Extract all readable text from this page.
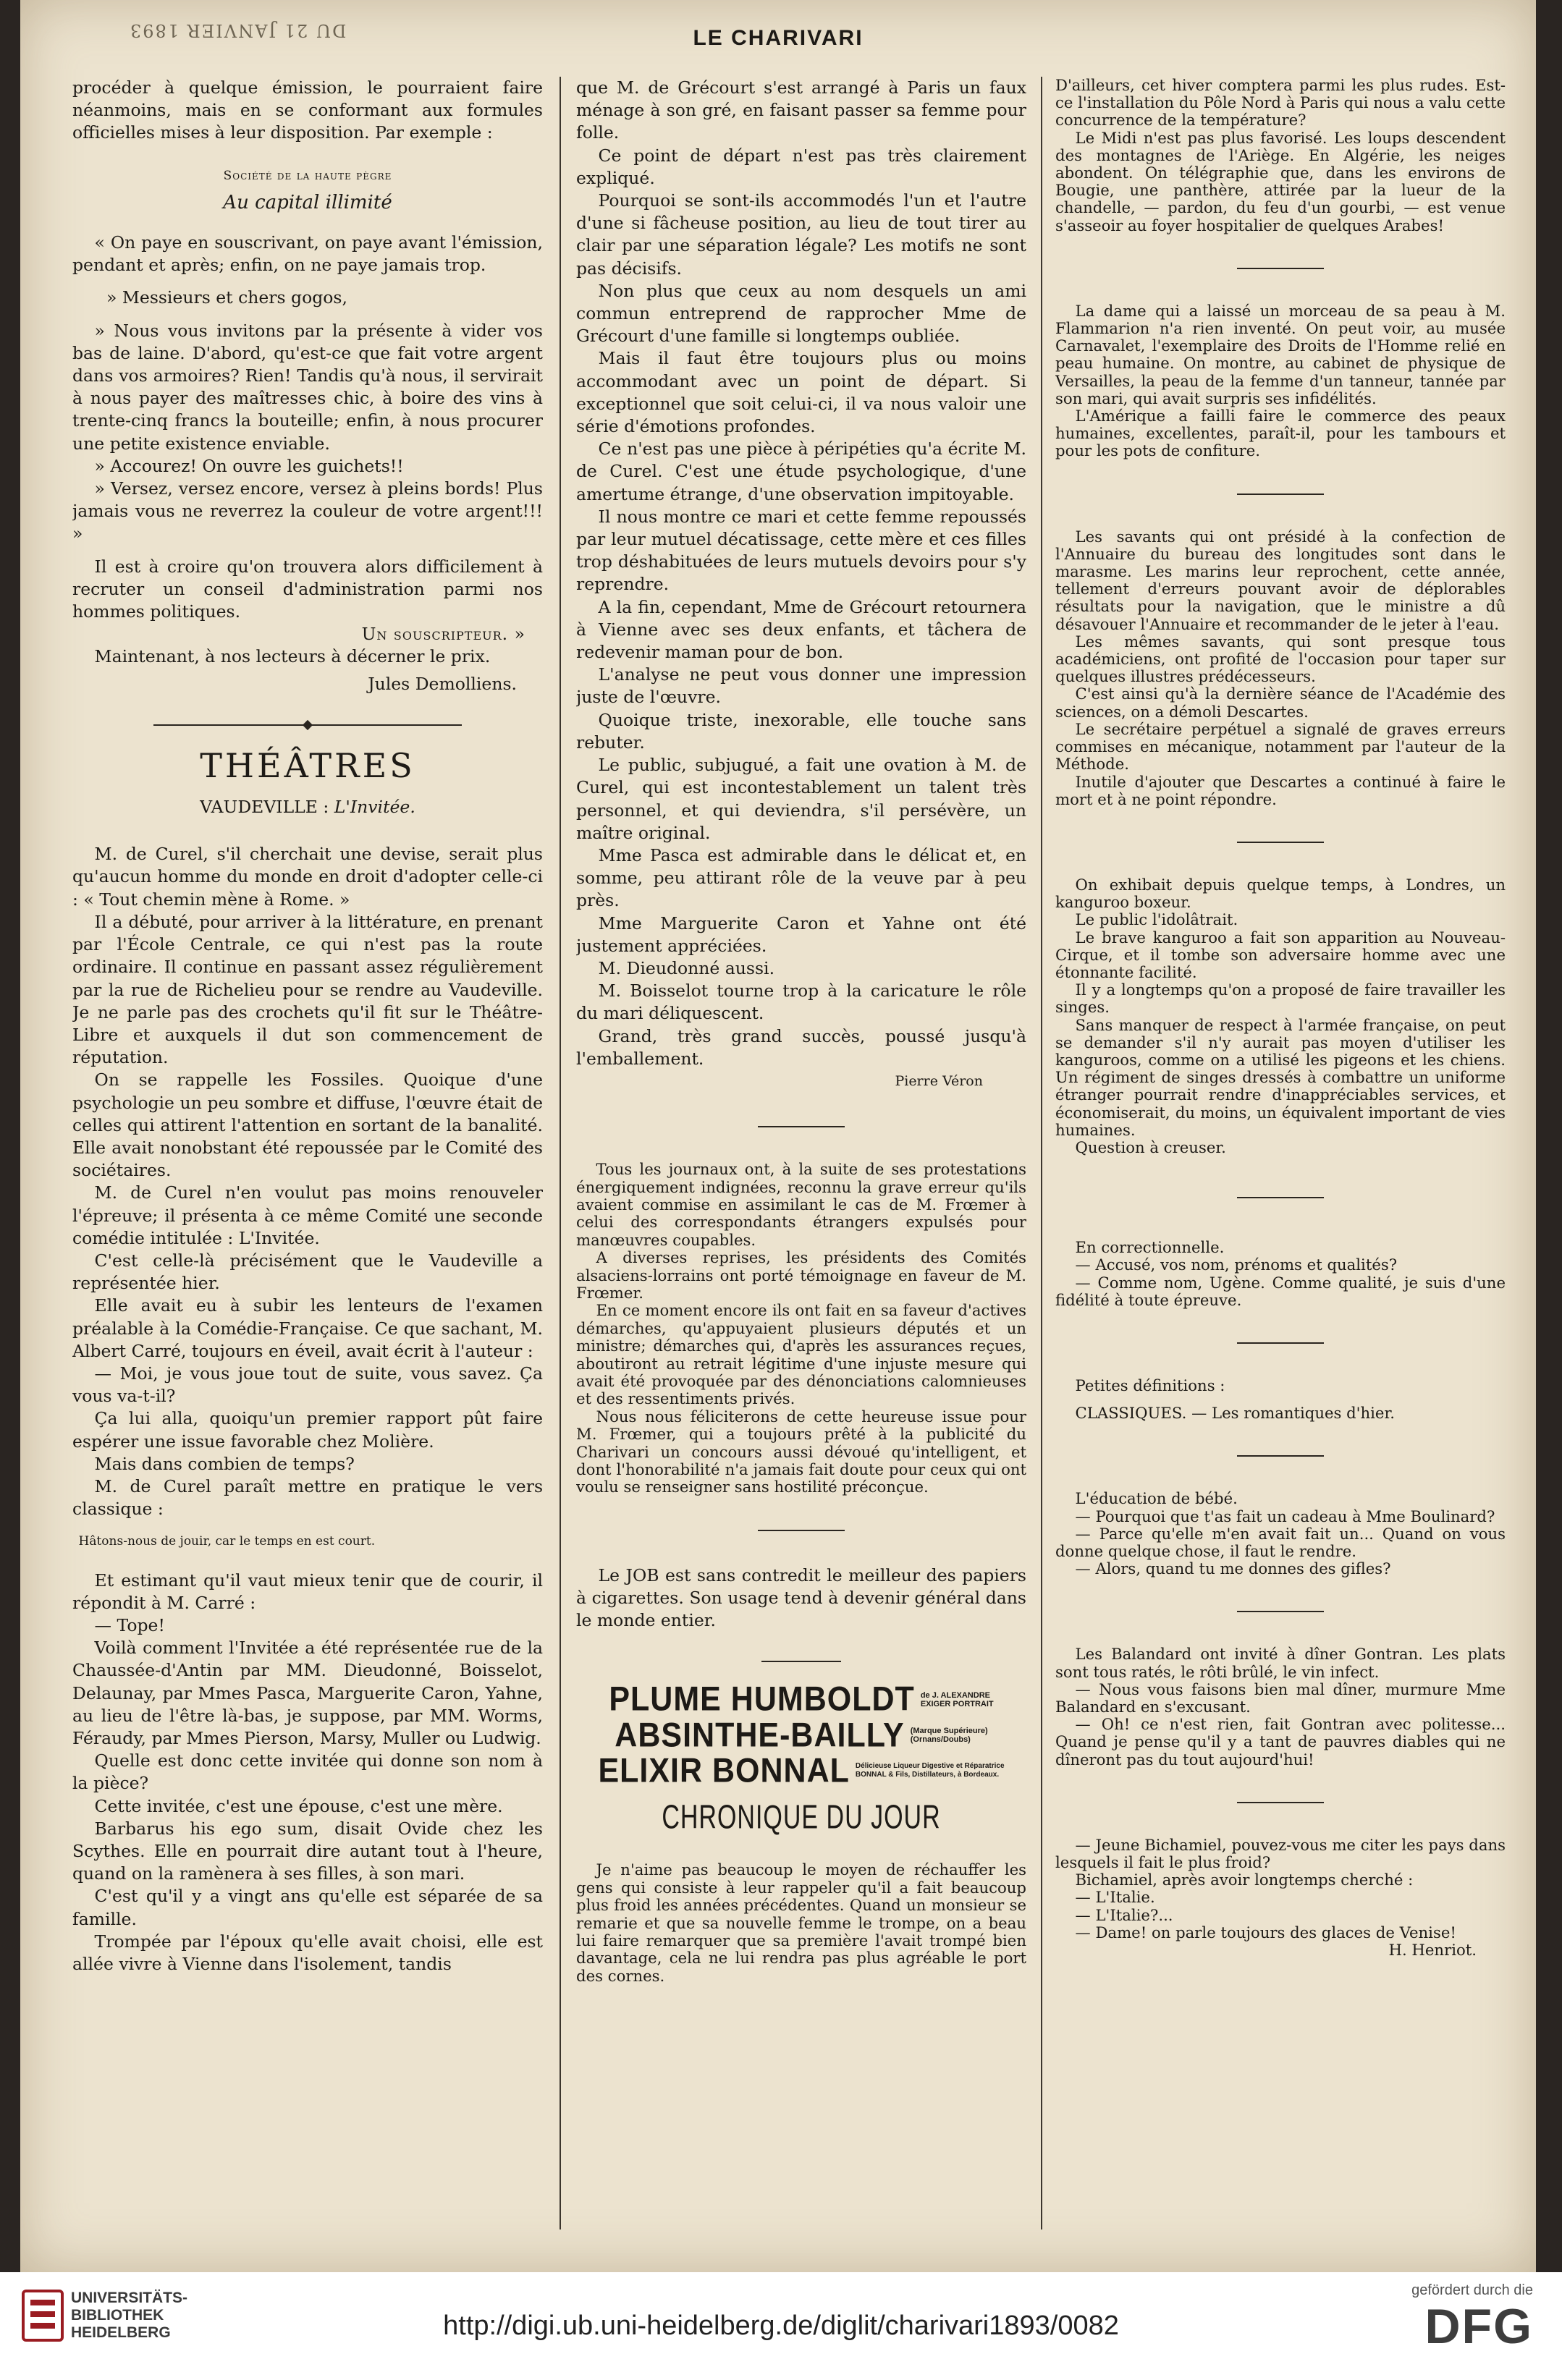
DU 21 JANVIER 1893	LE CHARIVARI

procéder à quelque émission, le pourraient faire néanmoins, mais en se conformant aux formules officielles mises à leur disposition. Par exemple :

Société de la haute pègre

Au capital illimité

« On paye en souscrivant, on paye avant l'émission, pendant et après; enfin, on ne paye jamais trop.

» Messieurs et chers gogos,

» Nous vous invitons par la présente à vider vos bas de laine. D'abord, qu'est-ce que fait votre argent dans vos armoires? Rien! Tandis qu'à nous, il servirait à nous payer des maîtresses chic, à boire des vins à trente-cinq francs la bouteille; enfin, à nous procurer une petite existence enviable.

» Accourez! On ouvre les guichets!!

» Versez, versez encore, versez à pleins bords! Plus jamais vous ne reverrez la couleur de votre argent!!! »

Il est à croire qu'on trouvera alors difficilement à recruter un conseil d'administration parmi nos hommes politiques.

Un souscripteur. »

Maintenant, à nos lecteurs à décerner le prix.

Jules Demolliens.

THÉÂTRES

VAUDEVILLE : L'Invitée.

M. de Curel, s'il cherchait une devise, serait plus qu'aucun homme du monde en droit d'adopter celle-ci : « Tout chemin mène à Rome. »

Il a débuté, pour arriver à la littérature, en prenant par l'École Centrale, ce qui n'est pas la route ordinaire. Il continue en passant assez régulièrement par la rue de Richelieu pour se rendre au Vaudeville. Je ne parle pas des crochets qu'il fit sur le Théâtre-Libre et auxquels il dut son commencement de réputation.

On se rappelle les Fossiles. Quoique d'une psychologie un peu sombre et diffuse, l'œuvre était de celles qui attirent l'attention en sortant de la banalité. Elle avait nonobstant été repoussée par le Comité des sociétaires.

M. de Curel n'en voulut pas moins renouveler l'épreuve; il présenta à ce même Comité une seconde comédie intitulée : L'Invitée.

C'est celle-là précisément que le Vaudeville a représentée hier.

Elle avait eu à subir les lenteurs de l'examen préalable à la Comédie-Française. Ce que sachant, M. Albert Carré, toujours en éveil, avait écrit à l'auteur :

— Moi, je vous joue tout de suite, vous savez. Ça vous va-t-il?

Ça lui alla, quoiqu'un premier rapport pût faire espérer une issue favorable chez Molière.

Mais dans combien de temps?

M. de Curel paraît mettre en pratique le vers classique :

Hâtons-nous de jouir, car le temps en est court.

Et estimant qu'il vaut mieux tenir que de courir, il répondit à M. Carré :

— Tope!

Voilà comment l'Invitée a été représentée rue de la Chaussée-d'Antin par MM. Dieudonné, Boisselot, Delaunay, par Mmes Pasca, Marguerite Caron, Yahne, au lieu de l'être là-bas, je suppose, par MM. Worms, Féraudy, par Mmes Pierson, Marsy, Muller ou Ludwig.

Quelle est donc cette invitée qui donne son nom à la pièce?

Cette invitée, c'est une épouse, c'est une mère.

Barbarus his ego sum, disait Ovide chez les Scythes. Elle en pourrait dire autant tout à l'heure, quand on la ramènera à ses filles, à son mari.

C'est qu'il y a vingt ans qu'elle est séparée de sa famille.

Trompée par l'époux qu'elle avait choisi, elle est allée vivre à Vienne dans l'isolement, tandis

que M. de Grécourt s'est arrangé à Paris un faux ménage à son gré, en faisant passer sa femme pour folle.

Ce point de départ n'est pas très clairement expliqué.

Pourquoi se sont-ils accommodés l'un et l'autre d'une si fâcheuse position, au lieu de tout tirer au clair par une séparation légale? Les motifs ne sont pas décisifs.

Non plus que ceux au nom desquels un ami commun entreprend de rapprocher Mme de Grécourt d'une famille si longtemps oubliée.

Mais il faut être toujours plus ou moins accommodant avec un point de départ. Si exceptionnel que soit celui-ci, il va nous valoir une série d'émotions profondes.

Ce n'est pas une pièce à péripéties qu'a écrite M. de Curel. C'est une étude psychologique, d'une amertume étrange, d'une observation impitoyable.

Il nous montre ce mari et cette femme repoussés par leur mutuel décatissage, cette mère et ces filles trop déshabituées de leurs mutuels devoirs pour s'y reprendre.

A la fin, cependant, Mme de Grécourt retournera à Vienne avec ses deux enfants, et tâchera de redevenir maman pour de bon.

L'analyse ne peut vous donner une impression juste de l'œuvre.

Quoique triste, inexorable, elle touche sans rebuter.

Le public, subjugué, a fait une ovation à M. de Curel, qui est incontestablement un talent très personnel, et qui deviendra, s'il persévère, un maître original.

Mme Pasca est admirable dans le délicat et, en somme, peu attirant rôle de la veuve par à peu près.

Mme Marguerite Caron et Yahne ont été justement appréciées.

M. Dieudonné aussi.

M. Boisselot tourne trop à la caricature le rôle du mari déliquescent.

Grand, très grand succès, poussé jusqu'à l'emballement.

Pierre Véron

Tous les journaux ont, à la suite de ses protestations énergiquement indignées, reconnu la grave erreur qu'ils avaient commise en assimilant le cas de M. Frœmer à celui des correspondants étrangers expulsés pour manœuvres coupables.

A diverses reprises, les présidents des Comités alsaciens-lorrains ont porté témoignage en faveur de M. Frœmer.

En ce moment encore ils ont fait en sa faveur d'actives démarches, qu'appuyaient plusieurs députés et un ministre; démarches qui, d'après les assurances reçues, aboutiront au retrait légitime d'une injuste mesure qui avait été provoquée par des dénonciations calomnieuses et des ressentiments privés.

Nous nous féliciterons de cette heureuse issue pour M. Frœmer, qui a toujours prêté à la publicité du Charivari un concours aussi dévoué qu'intelligent, et dont l'honorabilité n'a jamais fait doute pour ceux qui ont voulu se renseigner sans hostilité préconçue.

Le JOB est sans contredit le meilleur des papiers à cigarettes. Son usage tend à devenir général dans le monde entier.

PLUME HUMBOLDT de J. ALEXANDRE
EXIGER PORTRAIT
ABSINTHE-BAILLY (Marque Supérieure)
(Ornans/Doubs)
ELIXIR BONNAL Délicieuse Liqueur Digestive et Réparatrice
BONNAL & Fils, Distillateurs, à Bordeaux.
CHRONIQUE DU JOUR

Je n'aime pas beaucoup le moyen de réchauffer les gens qui consiste à leur rappeler qu'il a fait beaucoup plus froid les années précédentes. Quand un monsieur se remarie et que sa nouvelle femme le trompe, on a beau lui faire remarquer que sa première l'avait trompé bien davantage, cela ne lui rendra pas plus agréable le port des cornes.

D'ailleurs, cet hiver comptera parmi les plus rudes. Est-ce l'installation du Pôle Nord à Paris qui nous a valu cette concurrence de la température?

Le Midi n'est pas plus favorisé. Les loups descendent des montagnes de l'Ariège. En Algérie, les neiges abondent. On télégraphie que, dans les environs de Bougie, une panthère, attirée par la lueur de la chandelle, — pardon, du feu d'un gourbi, — est venue s'asseoir au foyer hospitalier de quelques Arabes!

La dame qui a laissé un morceau de sa peau à M. Flammarion n'a rien inventé. On peut voir, au musée Carnavalet, l'exemplaire des Droits de l'Homme relié en peau humaine. On montre, au cabinet de physique de Versailles, la peau de la femme d'un tanneur, tannée par son mari, qui avait surpris ses infidélités.

L'Amérique a failli faire le commerce des peaux humaines, excellentes, paraît-il, pour les tambours et pour les pots de confiture.

Les savants qui ont présidé à la confection de l'Annuaire du bureau des longitudes sont dans le marasme. Les marins leur reprochent, cette année, tellement d'erreurs pouvant avoir de déplorables résultats pour la navigation, que le ministre a dû désavouer l'Annuaire et recommander de le jeter à l'eau.

Les mêmes savants, qui sont presque tous académiciens, ont profité de l'occasion pour taper sur quelques illustres prédécesseurs.

C'est ainsi qu'à la dernière séance de l'Académie des sciences, on a démoli Descartes.

Le secrétaire perpétuel a signalé de graves erreurs commises en mécanique, notamment par l'auteur de la Méthode.

Inutile d'ajouter que Descartes a continué à faire le mort et à ne point répondre.

On exhibait depuis quelque temps, à Londres, un kanguroo boxeur.

Le public l'idolâtrait.

Le brave kanguroo a fait son apparition au Nouveau-Cirque, et il tombe son adversaire homme avec une étonnante facilité.

Il y a longtemps qu'on a proposé de faire travailler les singes.

Sans manquer de respect à l'armée française, on peut se demander s'il n'y aurait pas moyen d'utiliser les kanguroos, comme on a utilisé les pigeons et les chiens. Un régiment de singes dressés à combattre un uniforme étranger pourrait rendre d'inappréciables services, et économiserait, du moins, un équivalent important de vies humaines.

Question à creuser.

En correctionnelle.

— Accusé, vos nom, prénoms et qualités?

— Comme nom, Ugène. Comme qualité, je suis d'une fidélité à toute épreuve.

Petites définitions :

CLASSIQUES. — Les romantiques d'hier.

L'éducation de bébé.

— Pourquoi que t'as fait un cadeau à Mme Boulinard?

— Parce qu'elle m'en avait fait un... Quand on vous donne quelque chose, il faut le rendre.

— Alors, quand tu me donnes des gifles?

Les Balandard ont invité à dîner Gontran. Les plats sont tous ratés, le rôti brûlé, le vin infect.

— Nous vous faisons bien mal dîner, murmure Mme Balandard en s'excusant.

— Oh! ce n'est rien, fait Gontran avec politesse... Quand je pense qu'il y a tant de pauvres diables qui ne dîneront pas du tout aujourd'hui!

— Jeune Bichamiel, pouvez-vous me citer les pays dans lesquels il fait le plus froid?

Bichamiel, après avoir longtemps cherché :

— L'Italie.

— L'Italie?...

— Dame! on parle toujours des glaces de Venise!

H. Henriot.

UNIVERSITÄTS-
BIBLIOTHEK
HEIDELBERG	http://digi.ub.uni-heidelberg.de/diglit/charivari1893/0082
gefördert durch die
DFG
